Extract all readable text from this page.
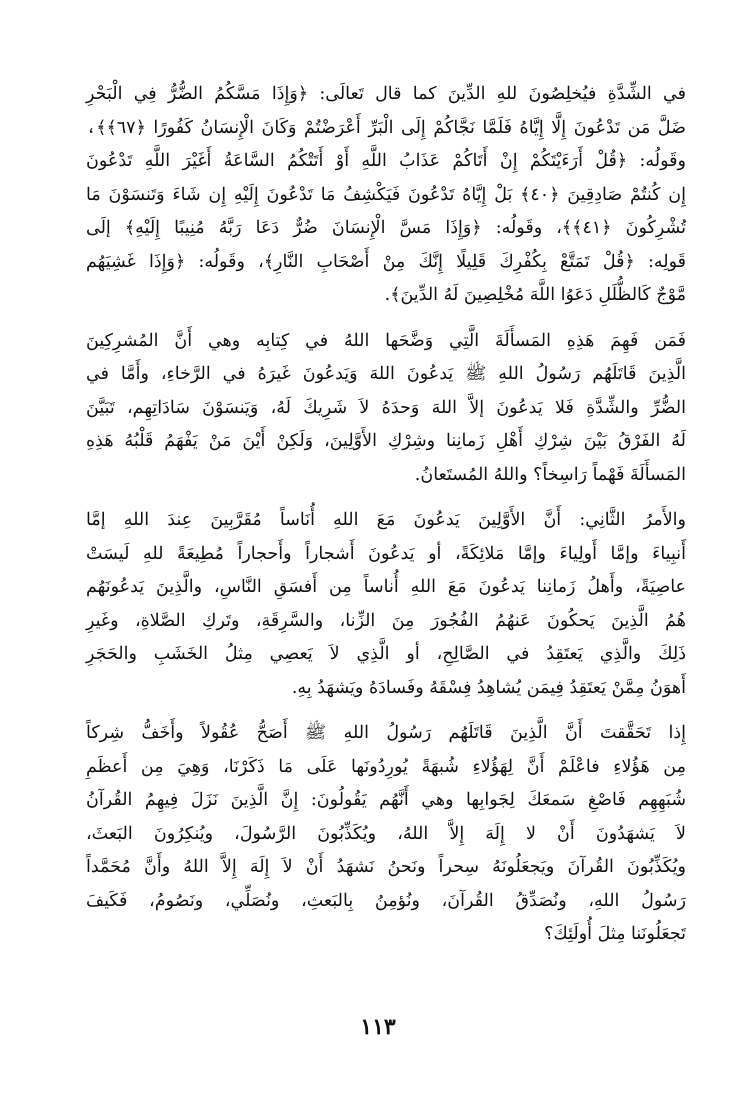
في الشِّدَّةِ فيُخلِصُونَ للهِ الدِّينَ كما قال تَعالَى: ﴿وَإِذَا مَسَّكُمُ الضُّرُّ فِي الْبَحْرِ

ضَلَّ مَن تَدْعُونَ إِلَّا إِيَّاهُ فَلَمَّا نَجَّاكُمْ إِلَى الْبَرِّ أَعْرَضْتُمْ وَكَانَ الْإِنسَانُ كَفُورًا ﴿٦٧﴾﴾،

وقَولُه: ﴿قُلْ أَرَءَيْتَكُمْ إِنْ أَتَاكُمْ عَذَابُ اللَّهِ أَوْ أَتَتْكُمُ السَّاعَةُ أَغَيْرَ اللَّهِ تَدْعُونَ

إِن كُنتُمْ صَادِقِينَ ﴿٤٠﴾ بَلْ إِيَّاهُ تَدْعُونَ فَيَكْشِفُ مَا تَدْعُونَ إِلَيْهِ إِن شَاءَ وَتَنسَوْنَ مَا

تُشْرِكُونَ ﴿٤١﴾﴾، وقَولُه: ﴿وَإِذَا مَسَّ الْإِنسَانَ ضُرٌّ دَعَا رَبَّهُ مُنِيبًا إِلَيْهِ﴾ إلَى

قَولِه: ﴿قُلْ تَمَتَّعْ بِكُفْرِكَ قَلِيلًا إِنَّكَ مِنْ أَصْحَابِ النَّارِ﴾، وقَولُه: ﴿وَإِذَا غَشِيَهُم

مَّوْجٌ كَالظُّلَلِ دَعَوُا اللَّهَ مُخْلِصِينَ لَهُ الدِّينَ﴾.

فَمَن فَهِمَ هَذِهِ المَسأَلَةَ الَّتِي وَضَّحَها اللهُ في كِتابِه وهي أَنَّ المُشرِكِينَ

الَّذِينَ قَاتَلَهُم رَسُولُ اللهِ ﷺ يَدعُونَ اللهَ وَيَدعُونَ غَيرَهُ في الرَّخاءِ، وأَمَّا في

الضُّرِّ والشِّدَّةِ فَلا يَدعُونَ إلاَّ اللهَ وَحدَهُ لاَ شَرِيكَ لَهُ، وَيَنسَوْنَ سَادَاتِهِم، تَبَيَّنَ

لَهُ الفَرْقُ بَيْنَ شِرْكِ أَهْلِ زَمانِنا وشِرْكِ الأَوَّلِينَ، وَلَكِنْ أَيْنَ مَنْ يَفْهَمُ قَلْبُهُ هَذِهِ

المَسأَلَةَ فَهْماً رَاسِخاً؟ واللهُ المُستَعانُ.

والأَمرُ الثَّانِي: أَنَّ الأَوَّلِينَ يَدعُونَ مَعَ اللهِ أُنَاساً مُقَرَّبِينَ عِندَ اللهِ إمَّا

أَنبِياءَ وإمَّا أَولِياءَ وإمَّا مَلائِكَةً، أو يَدعُونَ أَشجاراً وأَحجاراً مُطِيعَةً للهِ لَيسَتْ

عاصِيَةً، وأَهلُ زَمانِنا يَدعُونَ مَعَ اللهِ أُناساً مِن أَفسَقِ النَّاسِ، والَّذِينَ يَدعُونَهُم

هُمُ الَّذِينَ يَحكُونَ عَنهُمُ الفُجُورَ مِنَ الزِّنا، والسَّرِقَةِ، وتَركِ الصَّلاةِ، وغَيرِ

ذَلِكَ والَّذِي يَعتَقِدُ في الصَّالِحِ، أو الَّذِي لاَ يَعصِي مِثلُ الخَشَبِ والحَجَرِ

أَهوَنُ مِمَّنْ يَعتَقِدُ فِيمَن يُشاهِدُ فِسْقَهُ وفَسادَهُ ويَشهَدُ بِهِ.

إِذا تَحَقَّقتَ أَنَّ الَّذِينَ قَاتَلَهُم رَسُولُ اللهِ ﷺ أَصَحُّ عُقُولاً وأَخَفُّ شِركاً

مِن هَؤُلاءِ فاعْلَمْ أَنَّ لِهَؤُلاءِ شُبهَةً يُورِدُونَها عَلَى مَا ذَكَرْنَا، وَهِيَ مِن أَعظَمِ

شُبَهِهِم فَاصْغِ سَمعَكَ لِجَوابِها وهي أَنَّهُم يَقُولُونَ: إِنَّ الَّذِينَ نَزَلَ فِيهِمُ القُرآنُ

لاَ يَشهَدُونَ أَنْ لا إِلَهَ إِلاَّ اللهُ، ويُكَذِّبُونَ الرَّسُولَ، ويُنكِرُونَ البَعثَ،

ويُكَذِّبُونَ القُرآنَ ويَجعَلُونَهُ سِحراً ونَحنُ نَشهَدُ أَنْ لاَ إِلَهَ إِلاَّ اللهُ وأَنَّ مُحَمَّداً

رَسُولُ اللهِ، ونُصَدِّقُ القُرآنَ، ونُؤمِنُ بِالبَعثِ، ونُصَلِّي، ونَصُومُ، فَكَيفَ

تَجعَلُونَنا مِثلَ أُولَئِكَ؟

١١٣
